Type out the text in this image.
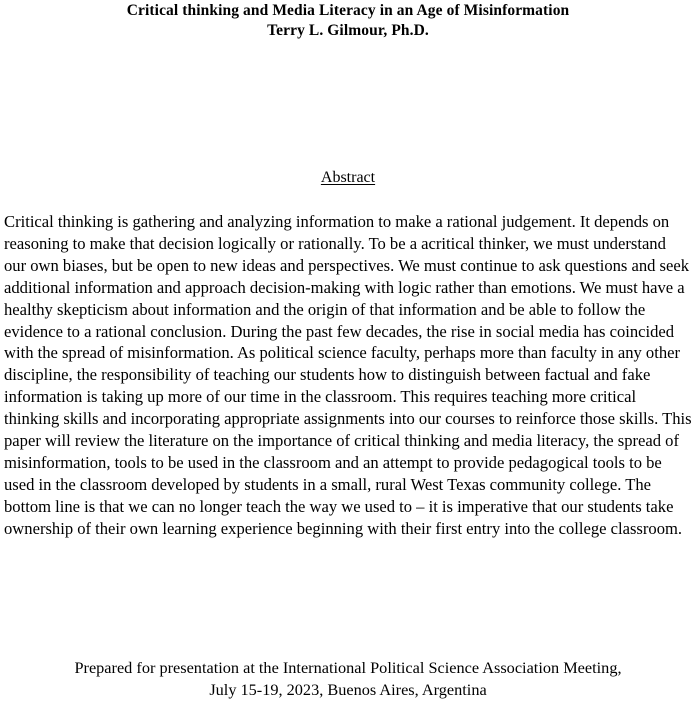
Critical thinking and Media Literacy in an Age of Misinformation
Terry L. Gilmour, Ph.D.
Abstract

Critical thinking is gathering and analyzing information to make a rational judgement. It depends on reasoning to make that decision logically or rationally. To be a acritical thinker, we must understand our own biases, but be open to new ideas and perspectives. We must continue to ask questions and seek additional information and approach decision-making with logic rather than emotions. We must have a healthy skepticism about information and the origin of that information and be able to follow the evidence to a rational conclusion. During the past few decades, the rise in social media has coincided with the spread of misinformation. As political science faculty, perhaps more than faculty in any other discipline, the responsibility of teaching our students how to distinguish between factual and fake information is taking up more of our time in the classroom. This requires teaching more critical thinking skills and incorporating appropriate assignments into our courses to reinforce those skills. This paper will review the literature on the importance of critical thinking and media literacy, the spread of misinformation, tools to be used in the classroom and an attempt to provide pedagogical tools to be used in the classroom developed by students in a small, rural West Texas community college. The bottom line is that we can no longer teach the way we used to – it is imperative that our students take ownership of their own learning experience beginning with their first entry into the college classroom.

Prepared for presentation at the International Political Science Association Meeting,
July 15-19, 2023, Buenos Aires, Argentina
